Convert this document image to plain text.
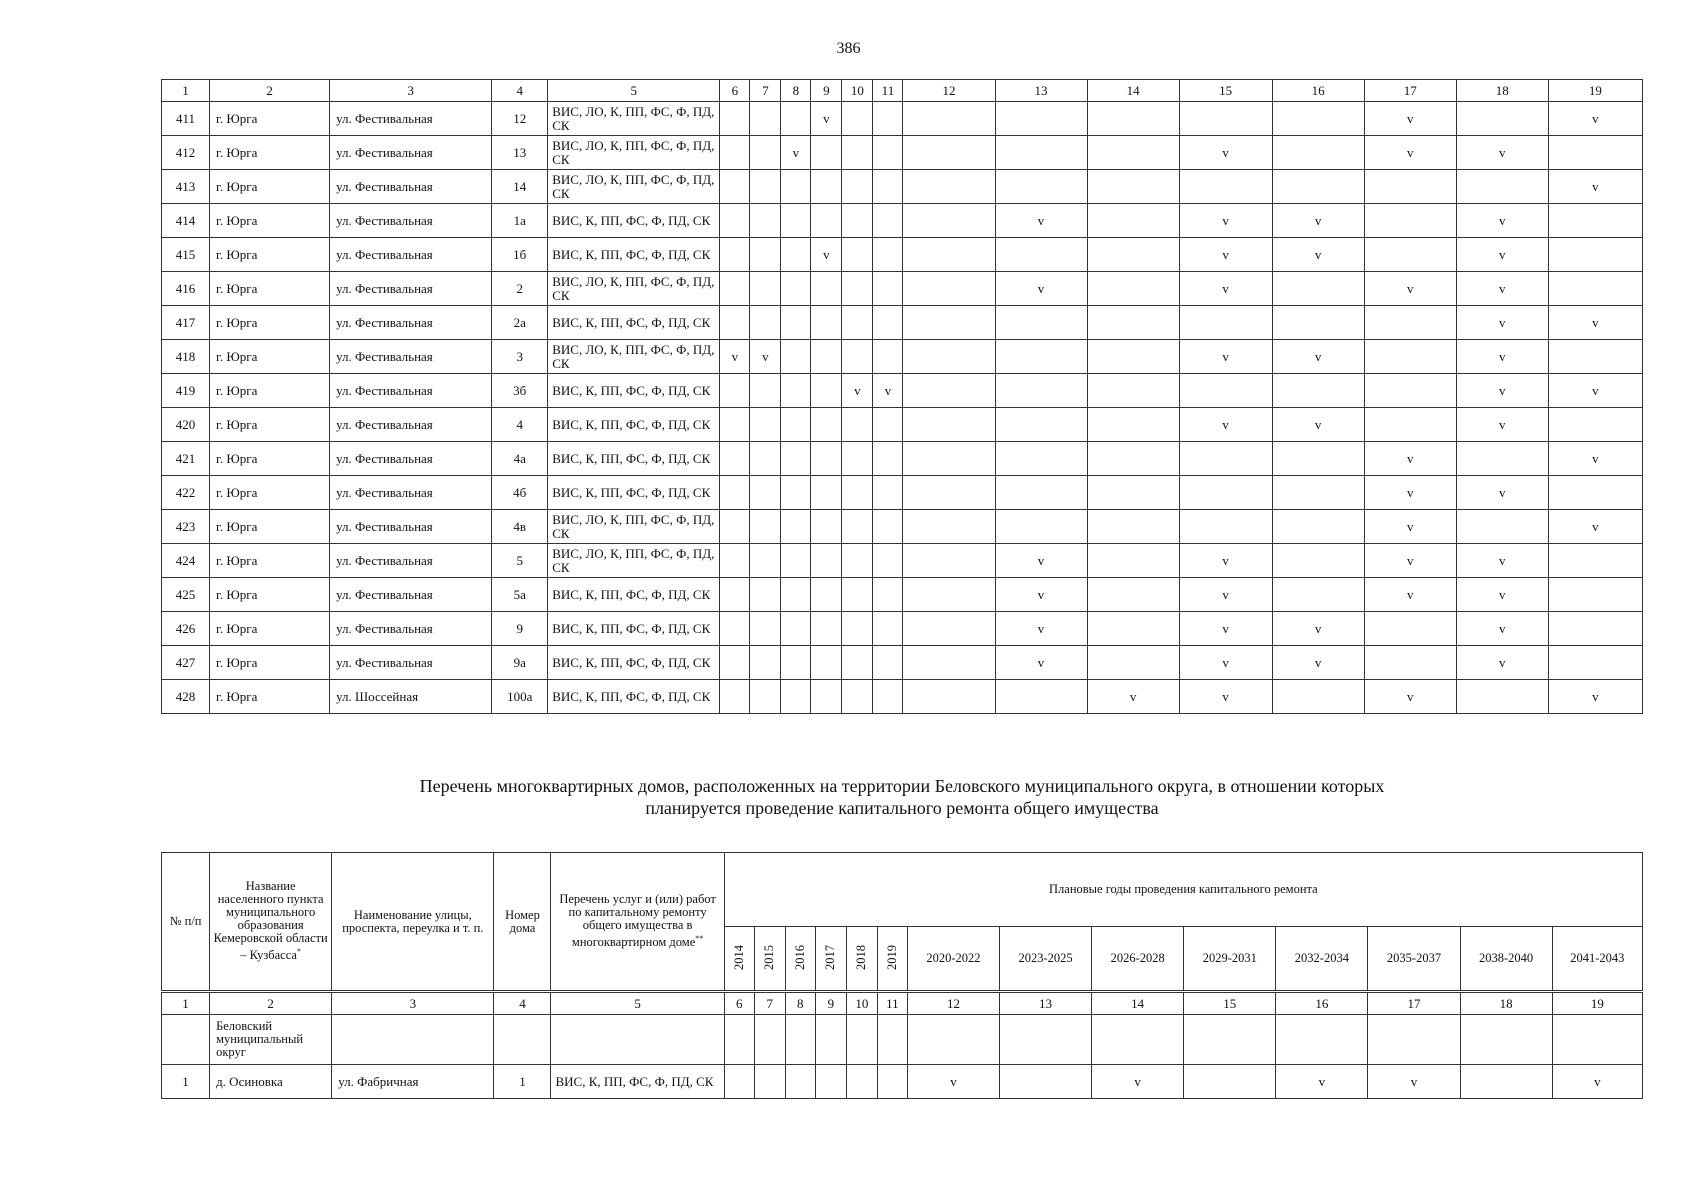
386
1	2	3	4	5	6	7	8	9	10	11	12	13	14	15	16	17	18	19
411	г. Юрга	ул. Фестивальная	12	ВИС, ЛО, К, ПП, ФС, Ф, ПД, СК				v								v		v
412	г. Юрга	ул. Фестивальная	13	ВИС, ЛО, К, ПП, ФС, Ф, ПД, СК			v							v		v	v	
413	г. Юрга	ул. Фестивальная	14	ВИС, ЛО, К, ПП, ФС, Ф, ПД, СК														v
414	г. Юрга	ул. Фестивальная	1а	ВИС, К, ПП, ФС, Ф, ПД, СК								v		v	v		v	
415	г. Юрга	ул. Фестивальная	1б	ВИС, К, ПП, ФС, Ф, ПД, СК				v						v	v		v	
416	г. Юрга	ул. Фестивальная	2	ВИС, ЛО, К, ПП, ФС, Ф, ПД, СК								v		v		v	v	
417	г. Юрга	ул. Фестивальная	2а	ВИС, К, ПП, ФС, Ф, ПД, СК													v	v
418	г. Юрга	ул. Фестивальная	3	ВИС, ЛО, К, ПП, ФС, Ф, ПД, СК	v	v								v	v		v	
419	г. Юрга	ул. Фестивальная	3б	ВИС, К, ПП, ФС, Ф, ПД, СК					v	v							v	v
420	г. Юрга	ул. Фестивальная	4	ВИС, К, ПП, ФС, Ф, ПД, СК										v	v		v	
421	г. Юрга	ул. Фестивальная	4а	ВИС, К, ПП, ФС, Ф, ПД, СК												v		v
422	г. Юрга	ул. Фестивальная	4б	ВИС, К, ПП, ФС, Ф, ПД, СК												v	v	
423	г. Юрга	ул. Фестивальная	4в	ВИС, ЛО, К, ПП, ФС, Ф, ПД, СК												v		v
424	г. Юрга	ул. Фестивальная	5	ВИС, ЛО, К, ПП, ФС, Ф, ПД, СК								v		v		v	v	
425	г. Юрга	ул. Фестивальная	5а	ВИС, К, ПП, ФС, Ф, ПД, СК								v		v		v	v	
426	г. Юрга	ул. Фестивальная	9	ВИС, К, ПП, ФС, Ф, ПД, СК								v		v	v		v	
427	г. Юрга	ул. Фестивальная	9а	ВИС, К, ПП, ФС, Ф, ПД, СК								v		v	v		v	
428	г. Юрга	ул. Шоссейная	100а	ВИС, К, ПП, ФС, Ф, ПД, СК									v	v		v		v
Перечень многоквартирных домов, расположенных на территории Беловского муниципального округа, в отношении которых
планируется проведение капитального ремонта общего имущества
№ п/п	Название населенного пункта муниципального образования Кемеровской области – Кузбасса*	Наименование улицы, проспекта, переулка и т. п.	Номер дома	Перечень услуг и (или) работ по капитальному ремонту общего имущества в многоквартирном доме**	Плановые годы проведения капитального ремонта													
					2014	2015	2016	2017	2018	2019	2020-2022	2023-2025	2026-2028	2029-2031	2032-2034	2035-2037	2038-2040	2041-2043
1	2	3	4	5	6	7	8	9	10	11	12	13	14	15	16	17	18	19
	Беловский муниципальный округ																	
1	д. Осиновка	ул. Фабричная	1	ВИС, К, ПП, ФС, Ф, ПД, СК							v		v		v	v		v
